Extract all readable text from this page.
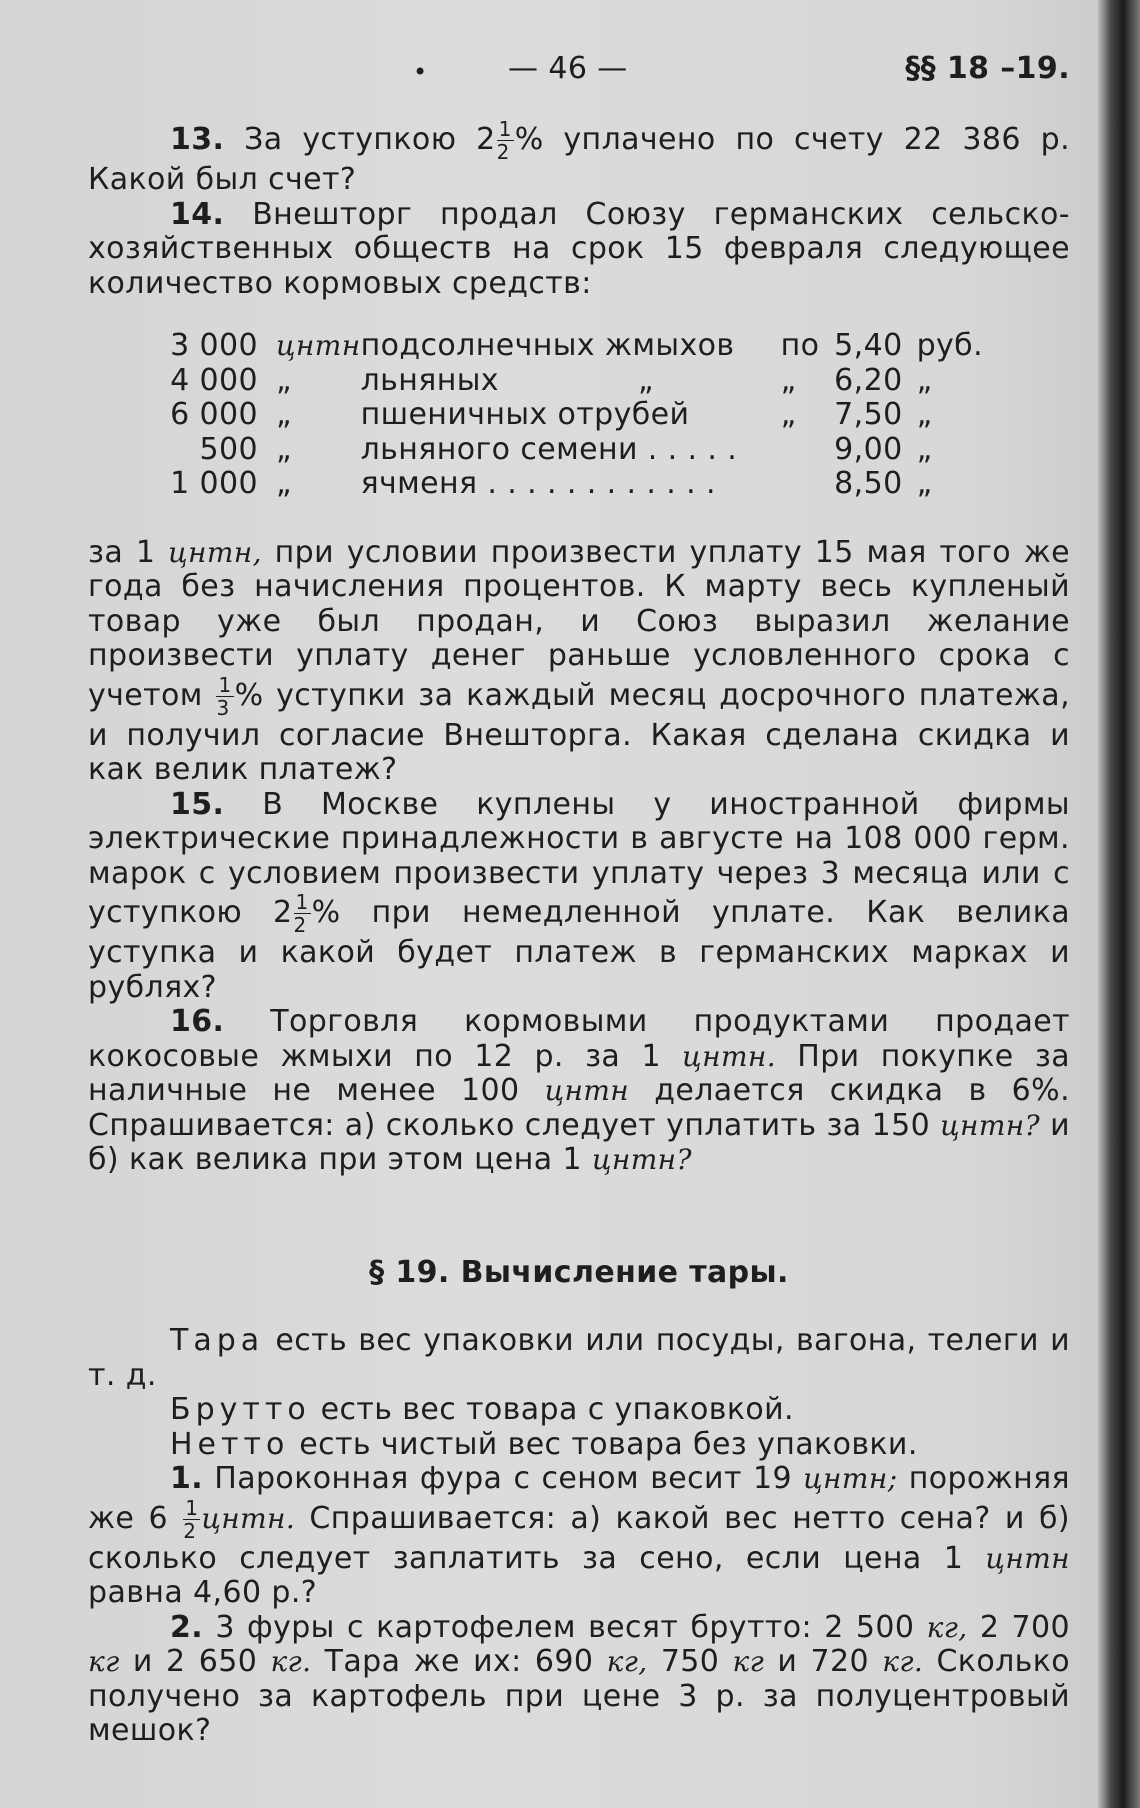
•	— 46 —	§§ 18 –19.

13. За уступкою $2 \frac{1}{2}$ % уплачено по счету 22 386 р. Какой был счет?

14. Внешторг продал Союзу германских сельско-хозяйственных обществ на срок 15 февраля следующее количество кормовых средств:

3 000	цнтн	подсолнечных жмыхов	по	5,40	руб.
4 000	„	льняных              „	„	6,20	„
6 000	„	пшеничных отрубей	„	7,50	„
500	„	льняного семени . . . . .		9,00	„
1 000	„	ячменя . . . . . . . . . . . .		8,50	„

за 1 цнтн, при условии произвести уплату 15 мая того же года без начисления процентов. К марту весь купленый товар уже был продан, и Союз выразил желание произвести уплату денег раньше условленного срока с учетом $\frac{1}{3}$ % уступки за каждый месяц досрочного платежа, и получил согласие Внешторга. Какая сделана скидка и как велик платеж?

15. В Москве куплены у иностранной фирмы электрические принадлежности в августе на 108 000 герм. марок с условием произвести уплату через 3 месяца или с уступкою $2 \frac{1}{2}$ % при немедленной уплате. Как велика уступка и какой будет платеж в германских марках и рублях?

16. Торговля кормовыми продуктами продает кокосовые жмыхи по 12 р. за 1 цнтн. При покупке за наличные не менее 100 цнтн делается скидка в 6%. Спрашивается: а) сколько следует уплатить за 150 цнтн? и б) как велика при этом цена 1 цнтн?

§ 19. Вычисление тары.

Тара есть вес упаковки или посуды, вагона, телеги и т. д.

Брутто есть вес товара с упаковкой.

Нетто есть чистый вес товара без упаковки.

1. Пароконная фура с сеном весит 19 цнтн; порожняя же $6 \frac{1}{2}$ цнтн. Спрашивается: а) какой вес нетто сена? и б) сколько следует заплатить за сено, если цена 1 цнтн равна 4,60 р.?

2. 3 фуры с картофелем весят брутто: 2 500 кг, 2 700 кг и 2 650 кг. Тара же их: 690 кг, 750 кг и 720 кг. Сколько получено за картофель при цене 3 р. за полуцентровый мешок?
